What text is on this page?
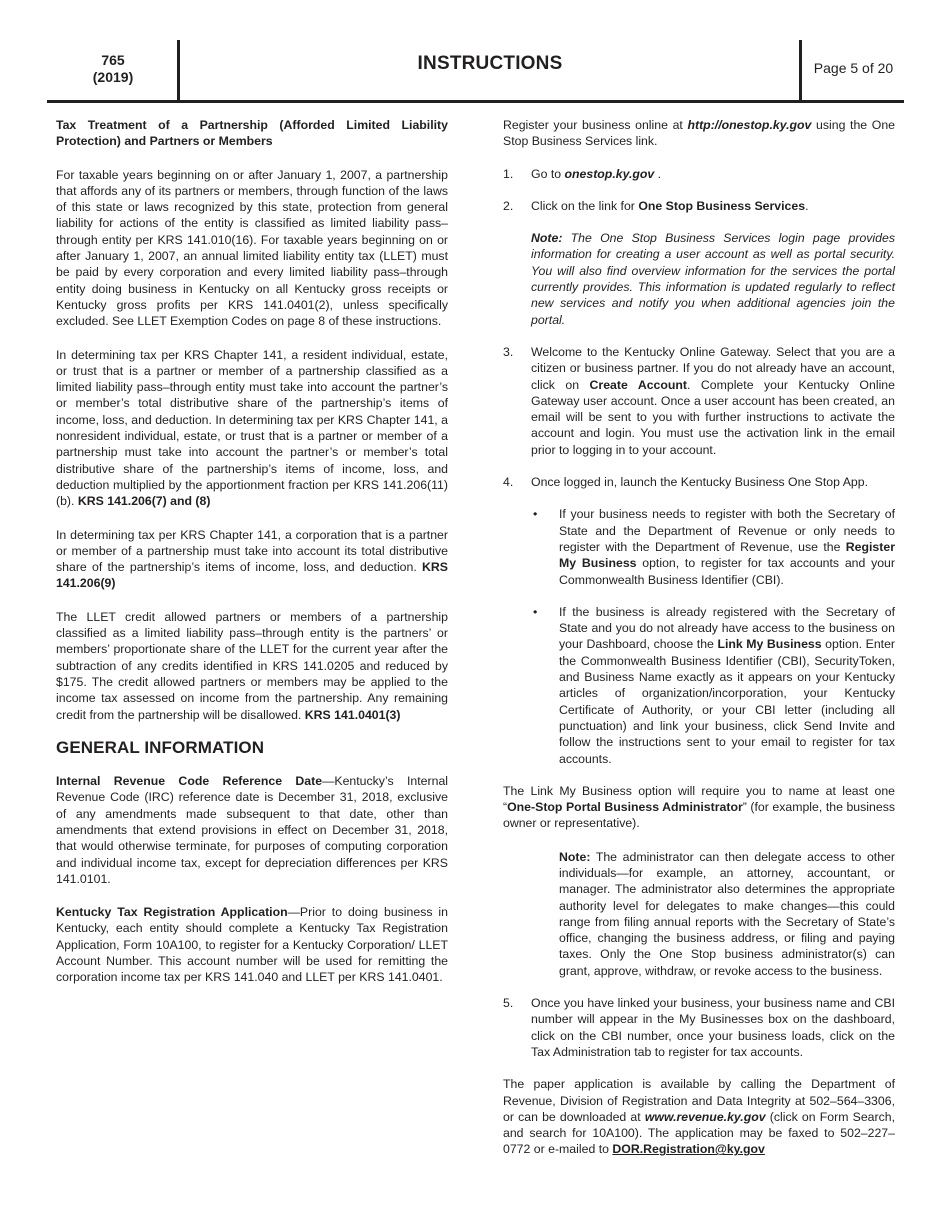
765
(2019)
INSTRUCTIONS	Page 5 of 20

Tax Treatment of a Partnership (Afforded Limited Liability Protection) and Partners or Members

For taxable years beginning on or after January 1, 2007, a partnership that affords any of its partners or members, through function of the laws of this state or laws recognized by this state, protection from general liability for actions of the entity is classified as limited liability pass–through entity per KRS 141.010(16). For taxable years beginning on or after January 1, 2007, an annual limited liability entity tax (LLET) must be paid by every corporation and every limited liability pass–through entity doing business in Kentucky on all Kentucky gross receipts or Kentucky gross profits per KRS 141.0401(2), unless specifically excluded. See LLET Exemption Codes on page 8 of these instructions.

In determining tax per KRS Chapter 141, a resident individual, estate, or trust that is a partner or member of a partnership classified as a limited liability pass–through entity must take into account the partner’s or member’s total distributive share of the partnership’s items of income, loss, and deduction. In determining tax per KRS Chapter 141, a nonresident individual, estate, or trust that is a partner or member of a partnership must take into account the partner’s or member’s total distributive share of the partnership’s items of income, loss, and deduction multiplied by the apportionment fraction per KRS 141.206(11)(b). KRS 141.206(7) and (8)

In determining tax per KRS Chapter 141, a corporation that is a partner or member of a partnership must take into account its total distributive share of the partnership’s items of income, loss, and deduction. KRS 141.206(9)

The LLET credit allowed partners or members of a partnership classified as a limited liability pass–through entity is the partners’ or members’ proportionate share of the LLET for the current year after the subtraction of any credits identified in KRS 141.0205 and reduced by $175. The credit allowed partners or members may be applied to the income tax assessed on income from the partnership. Any remaining credit from the partnership will be disallowed. KRS 141.0401(3)

GENERAL INFORMATION

Internal Revenue Code Reference Date—Kentucky’s Internal Revenue Code (IRC) reference date is December 31, 2018, exclusive of any amendments made subsequent to that date, other than amendments that extend provisions in effect on December 31, 2018, that would otherwise terminate, for purposes of computing corporation and individual income tax, except for depreciation differences per KRS 141.0101.

Kentucky Tax Registration Application—Prior to doing business in Kentucky, each entity should complete a Kentucky Tax Registration Application, Form 10A100, to register for a Kentucky Corporation/ LLET Account Number. This account number will be used for remitting the corporation income tax per KRS 141.040 and LLET per KRS 141.0401.

Register your business online at http://onestop.ky.gov using the One Stop Business Services link.

1. Go to onestop.ky.gov .
2. Click on the link for One Stop Business Services.
Note: The One Stop Business Services login page provides information for creating a user account as well as portal security. You will also find overview information for the services the portal currently provides. This information is updated regularly to reflect new services and notify you when additional agencies join the portal.
3. Welcome to the Kentucky Online Gateway. Select that you are a citizen or business partner. If you do not already have an account, click on Create Account. Complete your Kentucky Online Gateway user account. Once a user account has been created, an email will be sent to you with further instructions to activate the account and login. You must use the activation link in the email prior to logging in to your account.
4. Once logged in, launch the Kentucky Business One Stop App.
• If your business needs to register with both the Secretary of State and the Department of Revenue or only needs to register with the Department of Revenue, use the Register My Business option, to register for tax accounts and your Commonwealth Business Identifier (CBI).
• If the business is already registered with the Secretary of State and you do not already have access to the business on your Dashboard, choose the Link My Business option. Enter the Commonwealth Business Identifier (CBI), SecurityToken, and Business Name exactly as it appears on your Kentucky articles of organization/incorporation, your Kentucky Certificate of Authority, or your CBI letter (including all punctuation) and link your business, click Send Invite and follow the instructions sent to your email to register for tax accounts.

The Link My Business option will require you to name at least one “One-Stop Portal Business Administrator” (for example, the business owner or representative).

Note: The administrator can then delegate access to other individuals—for example, an attorney, accountant, or manager. The administrator also determines the appropriate authority level for delegates to make changes—this could range from filing annual reports with the Secretary of State’s office, changing the business address, or filing and paying taxes. Only the One Stop business administrator(s) can grant, approve, withdraw, or revoke access to the business.
5. Once you have linked your business, your business name and CBI number will appear in the My Businesses box on the dashboard, click on the CBI number, once your business loads, click on the Tax Administration tab to register for tax accounts.

The paper application is available by calling the Department of Revenue, Division of Registration and Data Integrity at 502–564–3306, or can be downloaded at www.revenue.ky.gov (click on Form Search, and search for 10A100). The application may be faxed to 502–227–0772 or e-mailed to DOR.Registration@ky.gov
